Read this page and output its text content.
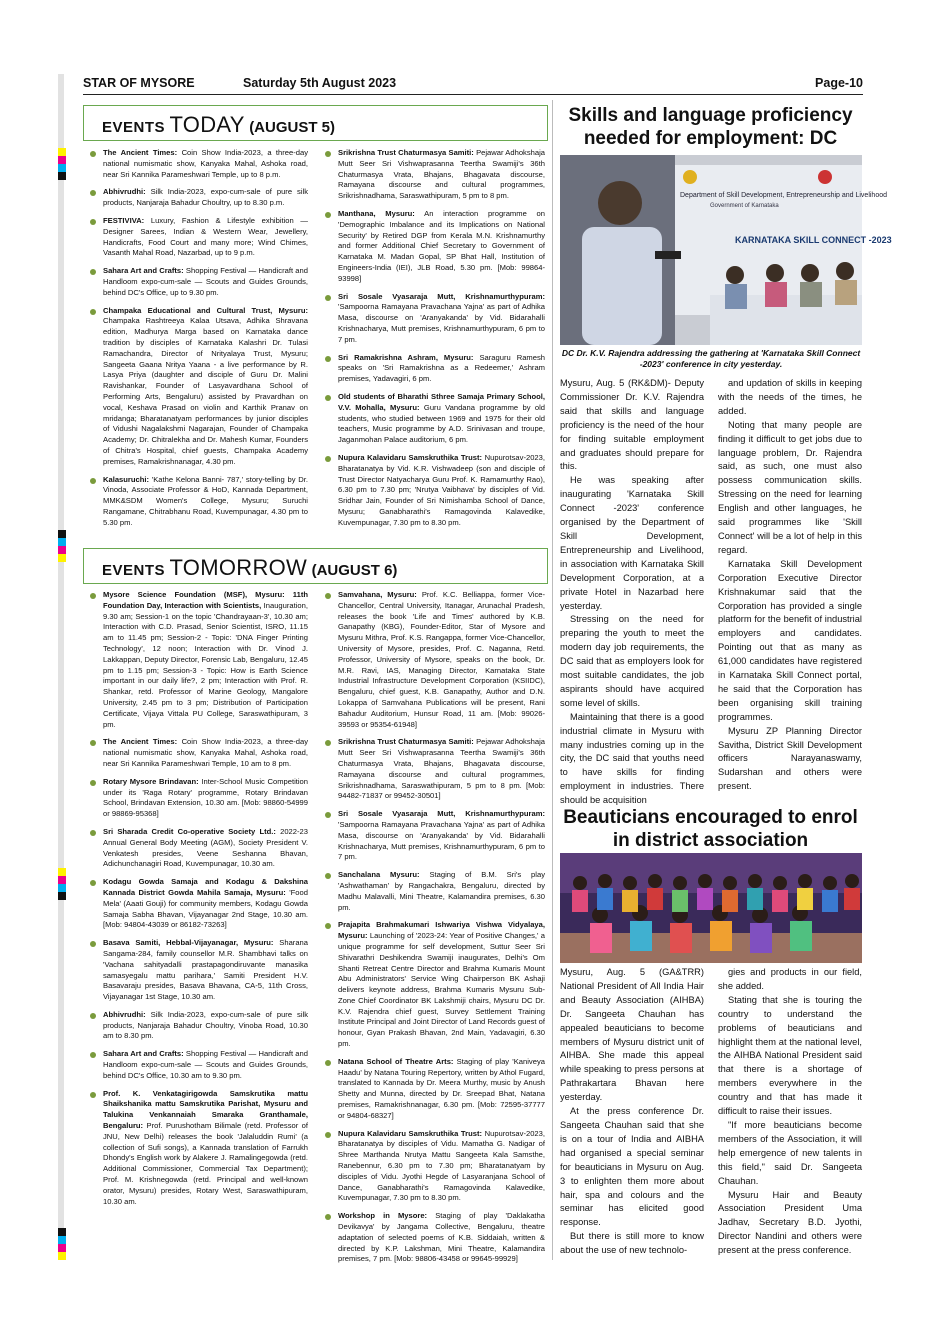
STAR OF MYSORE	Saturday 5th August 2023	Page-10
EVENTS TODAY (AUGUST 5)
The Ancient Times: Coin Show India-2023, a three-day national numismatic show, Kanyaka Mahal, Ashoka road, near Sri Kannika Parameshwari Temple, up to 8 p.m.
Abhivrudhi: Silk India-2023, expo-cum-sale of pure silk products, Nanjaraja Bahadur Choultry, up to 8.30 p.m.
FESTIVIVA: Luxury, Fashion & Lifestyle exhibition — Designer Sarees, Indian & Western Wear, Jewellery, Handicrafts, Food Court and many more; Wind Chimes, Vasanth Mahal Road, Nazarbad, up to 9 p.m.
Sahara Art and Crafts: Shopping Festival — Handicraft and Handloom expo-cum-sale — Scouts and Guides Grounds, behind DC's Office, up to 9.30 pm.
Champaka Educational and Cultural Trust, Mysuru: Champaka Rashtreeya Kalaa Utsava, Adhika Shravana edition, Madhurya Marga based on Karnataka dance tradition by disciples of Karnataka Kalashri Dr. Tulasi Ramachandra, Director of Nrityalaya Trust, Mysuru; Sangeeta Gaana Nritya Yaana - a live performance by R. Lasya Priya (daughter and disciple of Guru Dr. Malini Ravishankar, Founder of Lasyavardhana School of Performing Arts, Bengaluru) assisted by Pravardhan on vocal, Keshava Prasad on violin and Karthik Pranav on mridanga; Bharatanatyam performances by junior disciples of Vidushi Nagalakshmi Nagarajan, Founder of Champaka Academy; Dr. Chitralekha and Dr. Mahesh Kumar, Founders of Chitra's Hospital, chief guests, Champaka Academy premises, Ramakrishnanagar, 4.30 pm.
Kalasuruchi: 'Kathe Kelona Banni- 787,' story-telling by Dr. Vinoda, Associate Professor & HoD, Kannada Department, MMK&SDM Women's College, Mysuru; Suruchi Rangamane, Chitrabhanu Road, Kuvempunagar, 4.30 pm to 5.30 pm.
Srikrishna Trust Chaturmasya Samiti: Pejawar Adhokshaja Mutt Seer Sri Vishwaprasanna Teertha Swamiji's 36th Chaturmasya Vrata, Bhajans, Bhagavata discourse, Ramayana discourse and cultural programmes, Srikrishnadhama, Saraswathipuram, 5 pm to 8 pm.
Manthana, Mysuru: An interaction programme on 'Demographic Imbalance and its Implications on National Security' by Retired DGP from Kerala M.N. Krishnamurthy and former Additional Chief Secretary to Government of Karnataka M. Madan Gopal, SP Bhat Hall, Institution of Engineers-India (IEI), JLB Road, 5.30 pm. [Mob: 99864-93998]
Sri Sosale Vyasaraja Mutt, Krishnamurthypuram: 'Sampoorna Ramayana Pravachana Yajna' as part of Adhika Masa, discourse on 'Aranyakanda' by Vid. Bidarahalli Krishnacharya, Mutt premises, Krishnamurthypuram, 6 pm to 7 pm.
Sri Ramakrishna Ashram, Mysuru: Saraguru Ramesh speaks on 'Sri Ramakrishna as a Redeemer,' Ashram premises, Yadavagiri, 6 pm.
Old students of Bharathi Sthree Samaja Primary School, V.V. Mohalla, Mysuru: Guru Vandana programme by old students, who studied between 1969 and 1975 for their old teachers, Music programme by A.D. Srinivasan and troupe, Jaganmohan Palace auditorium, 6 pm.
Nupura Kalavidaru Samskruthika Trust: Nupurotsav-2023, Bharatanatya by Vid. K.R. Vishwadeep (son and disciple of Trust Director Natyacharya Guru Prof. K. Ramamurthy Rao), 6.30 pm to 7.30 pm; 'Nrutya Vaibhava' by disciples of Vid. Sridhar Jain, Founder of Sri Nimishamba School of Dance, Mysuru; Ganabharathi's Ramagovinda Kalavedike, Kuvempunagar, 7.30 pm to 8.30 pm.
EVENTS TOMORROW (AUGUST 6)
Mysore Science Foundation (MSF), Mysuru: 11th Foundation Day, Interaction with Scientists, Inauguration, 9.30 am; Session-1 on the topic 'Chandrayaan-3', 10.30 am; Interaction with C.D. Prasad, Senior Scientist, ISRO, 11.15 am to 11.45 pm; Session-2 - Topic: 'DNA Finger Printing Technology', 12 noon; Interaction with Dr. Vinod J. Lakkappan, Deputy Director, Forensic Lab, Bengaluru, 12.45 pm to 1.15 pm; Session-3 - Topic: How is Earth Science important in our daily life?, 2 pm; Interaction with Prof. R. Shankar, retd. Professor of Marine Geology, Mangalore University, 2.45 pm to 3 pm; Distribution of Participation Certificate, Vijaya Vittala PU College, Saraswathipuram, 3 pm.
The Ancient Times: Coin Show India-2023, a three-day national numismatic show, Kanyaka Mahal, Ashoka road, near Sri Kannika Parameshwari Temple, 10 am to 8 pm.
Rotary Mysore Brindavan: Inter-School Music Competition under its 'Raga Rotary' programme, Rotary Brindavan School, Brindavan Extension, 10.30 am. [Mob: 98860-54999 or 98869-95368]
Sri Sharada Credit Co-operative Society Ltd.: 2022-23 Annual General Body Meeting (AGM), Society President V. Venkatesh presides, Veene Seshanna Bhavan, Adichunchanagiri Road, Kuvempunagar, 10.30 am.
Kodagu Gowda Samaja and Kodagu & Dakshina Kannada District Gowda Mahila Samaja, Mysuru: 'Food Mela' (Aaati Gouji) for community members, Kodagu Gowda Samaja Sabha Bhavan, Vijayanagar 2nd Stage, 10.30 am. [Mob: 94804-43039 or 86182-73263]
Basava Samiti, Hebbal-Vijayanagar, Mysuru: Sharana Sangama-284, family counsellor M.R. Shambhavi talks on 'Vachana sahityadalli prastapagondiruvante manasika samasyegalu mattu parihara,' Samiti President H.V. Basavaraju presides, Basava Bhavana, CA-5, 11th Cross, Vijayanagar 1st Stage, 10.30 am.
Abhivrudhi: Silk India-2023, expo-cum-sale of pure silk products, Nanjaraja Bahadur Choultry, Vinoba Road, 10.30 am to 8.30 pm.
Sahara Art and Crafts: Shopping Festival — Handicraft and Handloom expo-cum-sale — Scouts and Guides Grounds, behind DC's Office, 10.30 am to 9.30 pm.
Prof. K. Venkatagirigowda Samskrutika mattu Shaikshanika mattu Samskrutika Parishat, Mysuru and Talukina Venkannaiah Smaraka Granthamale, Bengaluru: Prof. Purushotham Bilimale (retd. Professor of JNU, New Delhi) releases the book 'Jalaluddin Rumi' (a collection of Sufi songs), a Kannada translation of Farrukh Dhondy's English work by Alakere J. Ramalingegowda (retd. Additional Commissioner, Commercial Tax Department); Prof. M. Krishnegowda (retd. Principal and well-known orator, Mysuru) presides, Rotary West, Saraswathipuram, 10.30 am.
Samvahana, Mysuru: Prof. K.C. Belliappa, former Vice-Chancellor, Central University, Itanagar, Arunachal Pradesh, releases the book 'Life and Times' authored by K.B. Ganapathy (KBG), Founder-Editor, Star of Mysore and Mysuru Mithra, Prof. K.S. Rangappa, former Vice-Chancellor, University of Mysore, presides, Prof. C. Naganna, Retd. Professor, University of Mysore, speaks on the book, Dr. M.R. Ravi, IAS, Managing Director, Karnataka State Industrial Infrastructure Development Corporation (KSIIDC), Bengaluru, chief guest, K.B. Ganapathy, Author and D.N. Lokappa of Samvahana Publications will be present, Rani Bahadur Auditorium, Hunsur Road, 11 am. [Mob: 99026-39593 or 95354-61948]
Srikrishna Trust Chaturmasya Samiti: Pejawar Adhokshaja Mutt Seer Sri Vishwaprasanna Teertha Swamiji's 36th Chaturmasya Vrata, Bhajans, Bhagavata discourse, Ramayana discourse and cultural programmes, Srikrishnadhama, Saraswathipuram, 5 pm to 8 pm. [Mob: 94482-71837 or 99452-30501]
Sri Sosale Vyasaraja Mutt, Krishnamurthypuram: 'Sampoorna Ramayana Pravachana Yajna' as part of Adhika Masa, discourse on 'Aranyakanda' by Vid. Bidarahalli Krishnacharya, Mutt premises, Krishnamurthypuram, 6 pm to 7 pm.
Sanchalana Mysuru: Staging of B.M. Sri's play 'Ashwathaman' by Rangachakra, Bengaluru, directed by Madhu Malavalli, Mini Theatre, Kalamandira premises, 6.30 pm.
Prajapita Brahmakumari Ishwariya Vishwa Vidyalaya, Mysuru: Launching of '2023-24: Year of Positive Changes,' a unique programme for self development, Suttur Seer Sri Shivarathri Deshikendra Swamiji inaugurates, Delhi's Om Shanti Retreat Centre Director and Brahma Kumaris Mount Abu Administrators' Service Wing Chairperson BK Ashaji delivers keynote address, Brahma Kumaris Mysuru Sub-Zone Chief Coordinator BK Lakshmiji chairs, Mysuru DC Dr. K.V. Rajendra chief guest, Survey Settlement Training Institute Principal and Joint Director of Land Records guest of honour, Gyan Prakash Bhavan, 2nd Main, Yadavagiri, 6.30 pm.
Natana School of Theatre Arts: Staging of play 'Kaniveya Haadu' by Natana Touring Repertory, written by Athol Fugard, translated to Kannada by Dr. Meera Murthy, music by Anush Shetty and Munna, directed by Dr. Sreepad Bhat, Natana premises, Ramakrishnanagar, 6.30 pm. [Mob: 72595-37777 or 94804-68327]
Nupura Kalavidaru Samskruthika Trust: Nupurotsav-2023, Bharatanatya by disciples of Vidu. Mamatha G. Nadigar of Shree Marthanda Nrutya Mattu Sangeeta Kala Samsthe, Ranebennur, 6.30 pm to 7.30 pm; Bharatanatyam by disciples of Vidu. Jyothi Hegde of Lasyaranjana School of Dance, Ganabharathi's Ramagovinda Kalavedike, Kuvempunagar, 7.30 pm to 8.30 pm.
Workshop in Mysore: Staging of play 'Daklakatha Devikavya' by Jangama Collective, Bengaluru, theatre adaptation of selected poems of K.B. Siddaiah, written & directed by K.P. Lakshman, Mini Theatre, Kalamandira premises, 7 pm. [Mob: 98806-43458 or 99645-99929]
Skills and language proficiency needed for employment: DC
Department of Skill Development, Entrepreneurship and Livelihood
Government of Karnataka
KARNATAKA SKILL CONNECT -2023
DC Dr. K.V. Rajendra addressing the gathering at 'Karnataka Skill Connect -2023' conference in city yesterday.

Mysuru, Aug. 5 (RK&DM)- Deputy Commissioner Dr. K.V. Rajendra said that skills and language proficiency is the need of the hour for finding suitable employment and graduates should prepare for this.

He was speaking after inaugurating 'Karnataka Skill Connect -2023' conference organised by the Department of Skill Development, Entrepreneurship and Livelihood, in association with Karnataka Skill Development Corporation, at a private Hotel in Nazarbad here yesterday.

Stressing on the need for preparing the youth to meet the modern day job requirements, the DC said that as employers look for most suitable candidates, the job aspirants should have acquired some level of skills.

Maintaining that there is a good industrial climate in Mysuru with many industries coming up in the city, the DC said that youths need to have skills for finding employment in industries. There should be acquisition

and updation of skills in keeping with the needs of the times, he added.

Noting that many people are finding it difficult to get jobs due to language problem, Dr. Rajendra said, as such, one must also possess communication skills. Stressing on the need for learning English and other languages, he said programmes like 'Skill Connect' will be a lot of help in this regard.

Karnataka Skill Development Corporation Executive Director Krishnakumar said that the Corporation has provided a single platform for the benefit of industrial employers and candidates. Pointing out that as many as 61,000 candidates have registered in Karnataka Skill Connect portal, he said that the Corporation has been organising skill training programmes.

Mysuru ZP Planning Director Savitha, District Skill Development officers Narayanaswamy, Sudarshan and others were present.

Beauticians encouraged to enrol in district association

Mysuru, Aug. 5 (GA&TRR) National President of All India Hair and Beauty Association (AIHBA) Dr. Sangeeta Chauhan has appealed beauticians to become members of Mysuru district unit of AIHBA. She made this appeal while speaking to press persons at Pathrakartara Bhavan here yesterday.

At the press conference Dr. Sangeeta Chauhan said that she is on a tour of India and AIBHA had organised a special seminar for beauticians in Mysuru on Aug. 3 to enlighten them more about hair, spa and colours and the seminar has elicited good response.

But there is still more to know about the use of new technolo-

gies and products in our field, she added.

Stating that she is touring the country to understand the problems of beauticians and highlight them at the national level, the AIHBA National President said that there is a shortage of members everywhere in the country and that has made it difficult to raise their issues.

"If more beauticians become members of the Association, it will help emergence of new talents in this field," said Dr. Sangeeta Chauhan.

Mysuru Hair and Beauty Association President Uma Jadhav, Secretary B.D. Jyothi, Director Nandini and others were present at the press conference.
